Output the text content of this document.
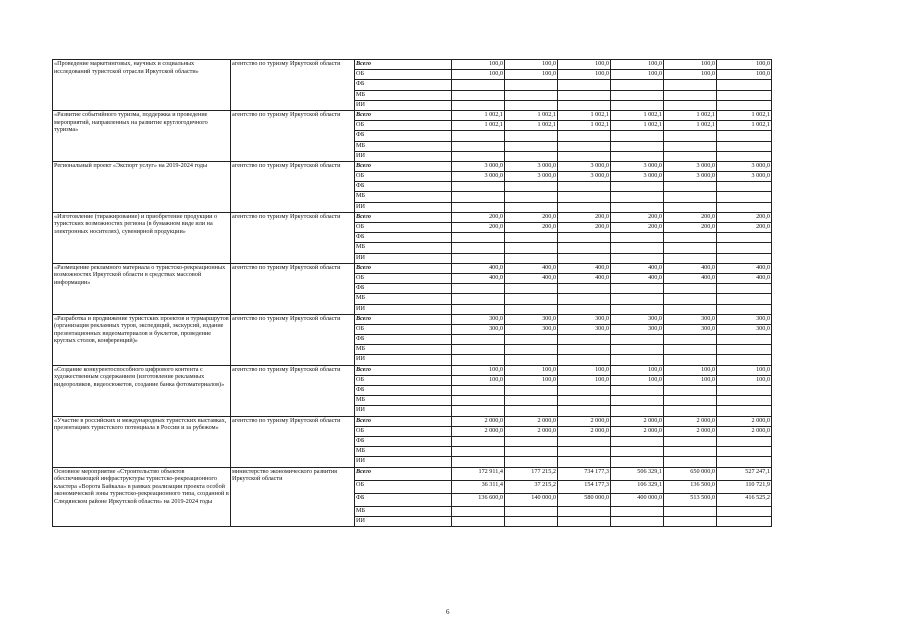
«Проведение маркетинговых, научных и социальных исследований туристской отрасли Иркутской области»	агентство по туризму Иркутской области	Всего	100,0	100,0	100,0	100,0	100,0	100,0
		ОБ	100,0	100,0	100,0	100,0	100,0	100,0
		ФБ						
		МБ						
		ИИ						
«Развитие событийного туризма, поддержка и проведение мероприятий, направленных на развитие круглогодичного туризма»	агентство по туризму Иркутской области	Всего	1 002,1	1 002,1	1 002,1	1 002,1	1 002,1	1 002,1
		ОБ	1 002,1	1 002,1	1 002,1	1 002,1	1 002,1	1 002,1
		ФБ						
		МБ						
		ИИ						
Региональный проект «Экспорт услуг» на 2019-2024 годы	агентство по туризму Иркутской области	Всего	3 000,0	3 000,0	3 000,0	3 000,0	3 000,0	3 000,0
		ОБ	3 000,0	3 000,0	3 000,0	3 000,0	3 000,0	3 000,0
		ФБ						
		МБ						
		ИИ						
«Изготовление (тиражирование) и приобретение продукции о туристских возможностях региона (в бумажном виде или на электронных носителях), сувенирной продукции»	агентство по туризму Иркутской области	Всего	200,0	200,0	200,0	200,0	200,0	200,0
		ОБ	200,0	200,0	200,0	200,0	200,0	200,0
		ФБ						
		МБ						
		ИИ						
«Размещение рекламного материала о туристско-рекреационных возможностях Иркутской области в средствах массовой информации»	агентство по туризму Иркутской области	Всего	400,0	400,0	400,0	400,0	400,0	400,0
		ОБ	400,0	400,0	400,0	400,0	400,0	400,0
		ФБ						
		МБ						
		ИИ						
«Разработка и продвижение туристских проектов и турмаршрутов (организация рекламных туров, экспедиций, экскурсий, издание презентационных видеоматериалов и буклетов, проведение круглых столов, конференций)»	агентство по туризму Иркутской области	Всего	300,0	300,0	300,0	300,0	300,0	300,0
		ОБ	300,0	300,0	300,0	300,0	300,0	300,0
		ФБ						
		МБ						
		ИИ						
«Создание конкурентоспособного цифрового контента с художественным содержанием (изготовление рекламных видеороликов, видеосюжетов, создание банка фотоматериалов)»	агентство по туризму Иркутской области	Всего	100,0	100,0	100,0	100,0	100,0	100,0
		ОБ	100,0	100,0	100,0	100,0	100,0	100,0
		ФБ						
		МБ						
		ИИ						
«Участие в российских и международных туристских выставках, презентациях туристского потенциала в России и за рубежом»	агентство по туризму Иркутской области	Всего	2 000,0	2 000,0	2 000,0	2 000,0	2 000,0	2 000,0
		ОБ	2 000,0	2 000,0	2 000,0	2 000,0	2 000,0	2 000,0
		ФБ						
		МБ						
		ИИ						
Основное мероприятие «Строительство объектов обеспечивающей инфраструктуры туристско-рекреационного кластера «Ворота Байкала» в рамках реализации проекта особой экономической зоны туристско-рекреационного типа, созданной в Слюдянском районе Иркутской области» на 2019-2024 годы	министерство экономического развития Иркутской области	Всего	172 911,4	177 215,2	734 177,3	506 329,1	650 000,0	527 247,1
		ОБ	36 311,4	37 215,2	154 177,3	106 329,1	136 500,0	110 721,9
		ФБ	136 600,0	140 000,0	580 000,0	400 000,0	513 500,0	416 525,2
		МБ						
		ИИ						
6
